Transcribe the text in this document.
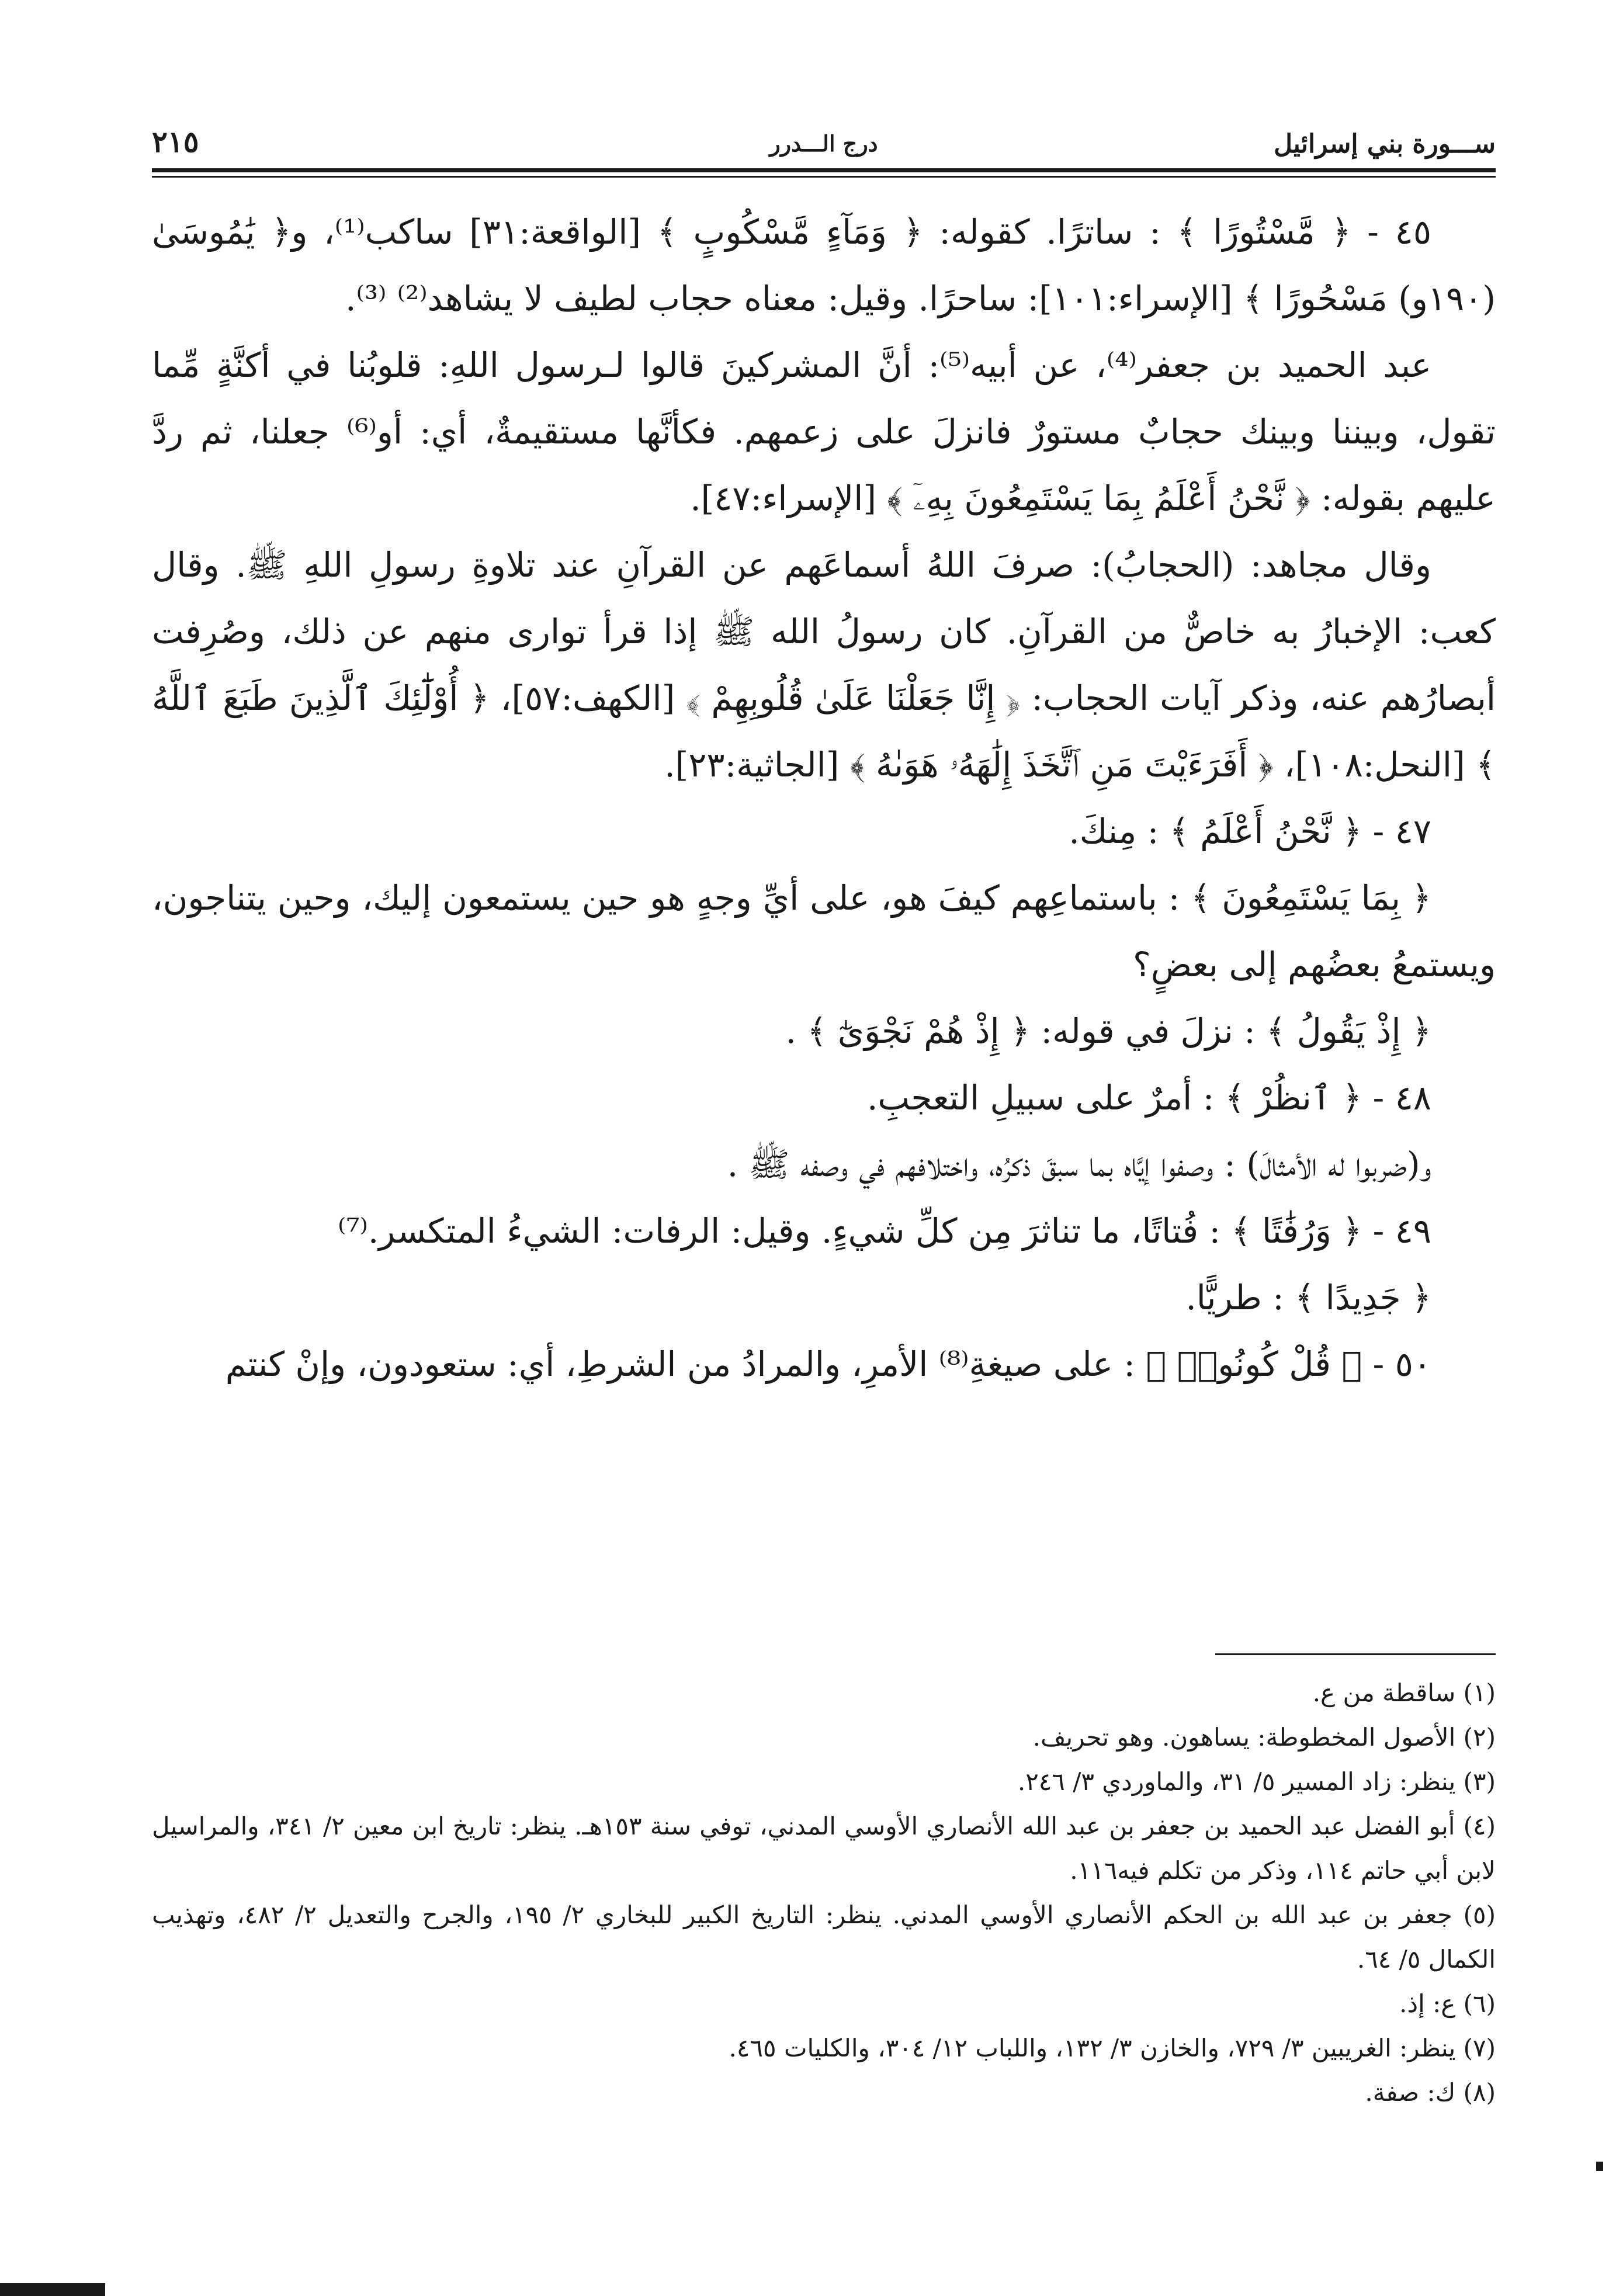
ســـورة بني إسرائيل
درج الـــدرر
٢١٥

٤٥ - ﴿ مَّسْتُورًا ﴾ : ساترًا. كقوله: ﴿ وَمَآءٍ مَّسْكُوبٍ ﴾ [الواقعة:٣١] ساكب⁽¹⁾، و﴿ يَٰمُوسَىٰ (١٩٠و) مَسْحُورًا ﴾ [الإسراء:١٠١]: ساحرًا. وقيل: معناه حجاب لطيف لا يشاهد⁽²⁾ ⁽³⁾.

عبد الحميد بن جعفر⁽⁴⁾، عن أبيه⁽⁵⁾: أنَّ المشركينَ قالوا لـرسول اللهِ: قلوبُنا في أكنَّةٍ مِّما تقول، وبيننا وبينك حجابٌ مستورٌ فانزلَ على زعمهم. فكأنَّها مستقيمةٌ، أي: أو⁽⁶⁾ جعلنا، ثم ردَّ عليهم بقوله: ﴿ نَّحْنُ أَعْلَمُ بِمَا يَسْتَمِعُونَ بِهِۦٓ ﴾ [الإسراء:٤٧].

وقال مجاهد: (الحجابُ): صرفَ اللهُ أسماعَهم عن القرآنِ عند تلاوةِ رسولِ اللهِ ﷺ. وقال كعب: الإخبارُ به خاصٌّ من القرآنِ. كان رسولُ الله ﷺ إذا قرأ توارى منهم عن ذلك، وصُرِفت أبصارُهم عنه، وذكر آيات الحجاب: ﴿ إِنَّا جَعَلْنَا عَلَىٰ قُلُوبِهِمْ ﴾ [الكهف:٥٧]، ﴿ أُوْلَٰٓئِكَ ٱلَّذِينَ طَبَعَ ٱللَّهُ ﴾ [النحل:١٠٨]، ﴿ أَفَرَءَيْتَ مَنِ ٱتَّخَذَ إِلَٰهَهُۥ هَوَىٰهُ ﴾ [الجاثية:٢٣].

٤٧ - ﴿ نَّحْنُ أَعْلَمُ ﴾ : مِنكَ.

﴿ بِمَا يَسْتَمِعُونَ ﴾ : باستماعِهم كيفَ هو، على أيِّ وجهٍ هو حين يستمعون إليك، وحين يتناجون، ويستمعُ بعضُهم إلى بعضٍ؟

﴿ إِذْ يَقُولُ ﴾ : نزلَ في قوله: ﴿ إِذْ هُمْ نَجْوَىٰٓ ﴾ .

٤٨ - ﴿ ٱنظُرْ ﴾ : أمرٌ على سبيلِ التعجبِ.

و(ضربوا له الأمثالَ) : وصفوا إيَّاه بما سبقَ ذكرُه، واختلافهم في وصفه ﷺ .

٤٩ - ﴿ وَرُفَٰتًا ﴾ : فُتاتًا، ما تناثرَ مِن كلِّ شيءٍ. وقيل: الرفات: الشيءُ المتكسر.⁽⁷⁾

﴿ جَدِيدًا ﴾ : طريًّا.

٥٠ - ﴿ قُلْ كُونُوا۟ ﴾ : على صيغةِ⁽⁸⁾ الأمرِ، والمرادُ من الشرطِ، أي: ستعودون، وإنْ كنتم

(١) ساقطة من ع.

(٢) الأصول المخطوطة: يساهون. وهو تحريف.

(٣) ينظر: زاد المسير ٥/ ٣١، والماوردي ٣/ ٢٤٦.

(٤) أبو الفضل عبد الحميد بن جعفر بن عبد الله الأنصاري الأوسي المدني، توفي سنة ١٥٣هـ. ينظر: تاريخ ابن معين ٢/ ٣٤١، والمراسيل لابن أبي حاتم ١١٤، وذكر من تكلم فيه١١٦.

(٥) جعفر بن عبد الله بن الحكم الأنصاري الأوسي المدني. ينظر: التاريخ الكبير للبخاري ٢/ ١٩٥، والجرح والتعديل ٢/ ٤٨٢، وتهذيب الكمال ٥/ ٦٤.

(٦) ع: إذ.

(٧) ينظر: الغريبين ٣/ ٧٢٩، والخازن ٣/ ١٣٢، واللباب ١٢/ ٣٠٤، والكليات ٤٦٥.

(٨) ك: صفة.
